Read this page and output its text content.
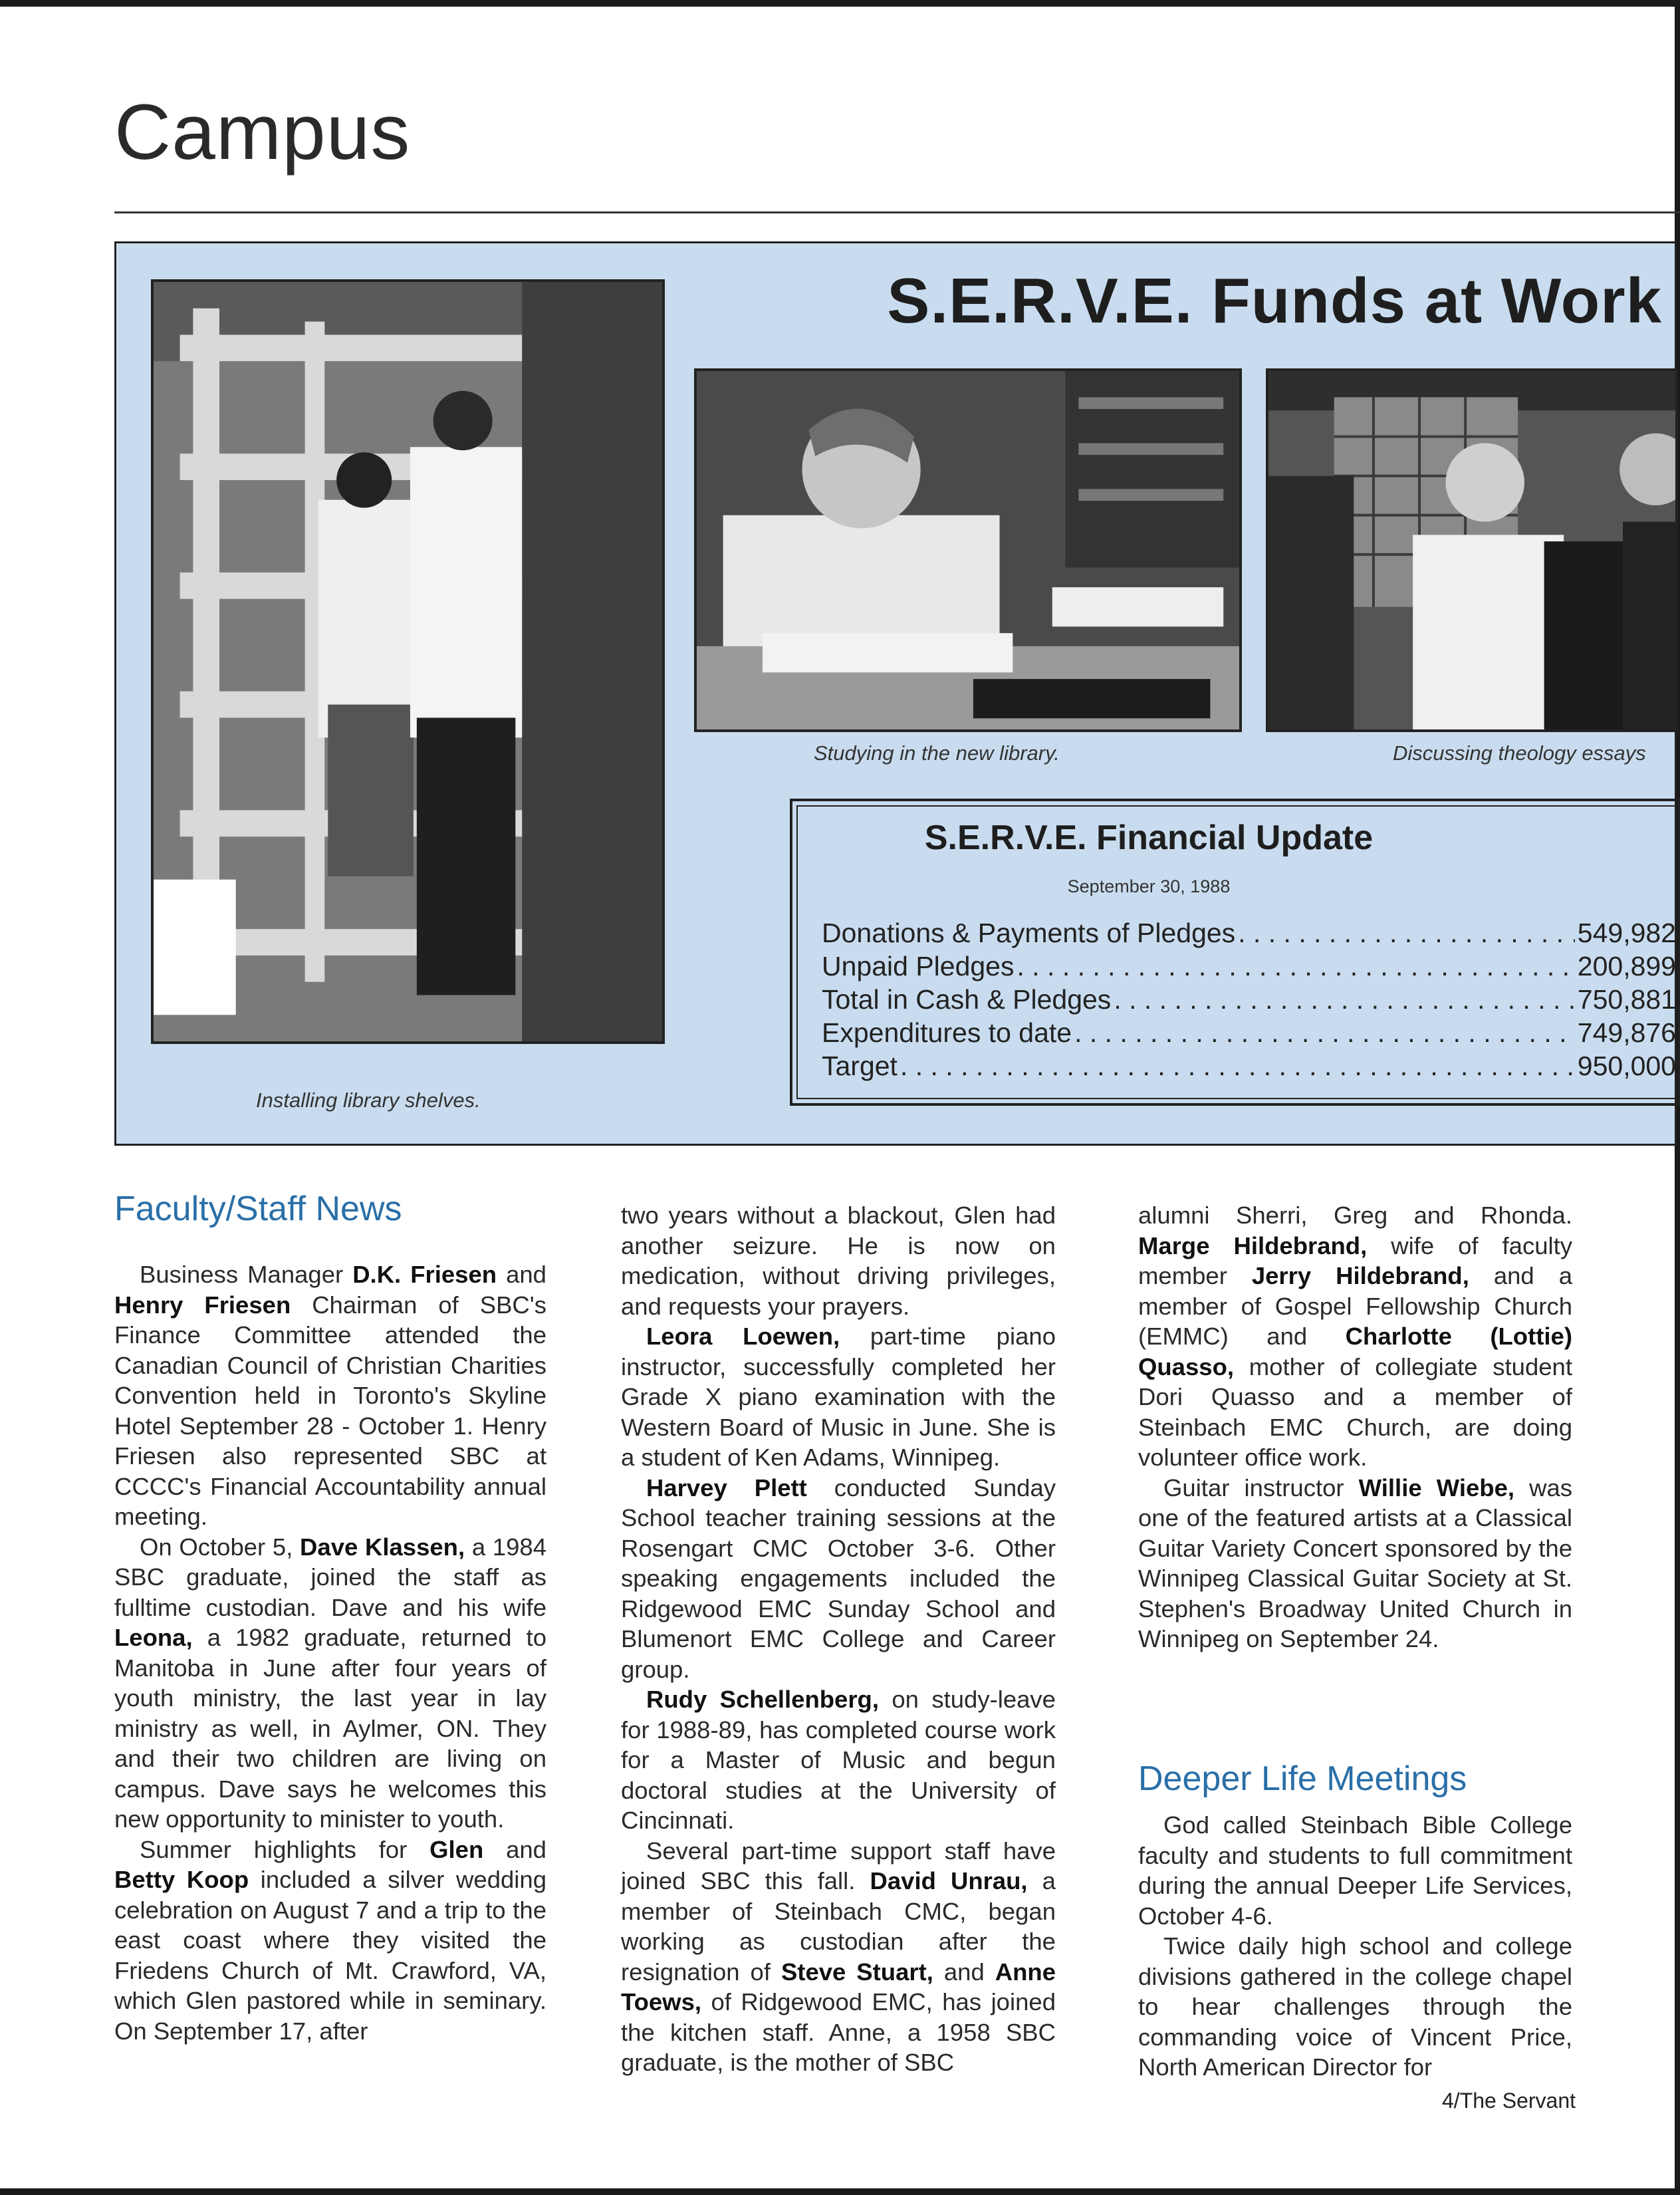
Campus
S.E.R.V.E. Funds at Work
Installing library shelves.
Studying in the new library.	Discussing theology essays
S.E.R.V.E. Financial Update
September 30, 1988
Donations & Payments of Pledges . . .	549,982
Unpaid Pledges . . .	200,899
Total in Cash & Pledges . . .	750,881
Expenditures to date . . .	749,876
Target . . .	950,000
Faculty/Staff News

Business Manager D.K. Friesen and Henry Friesen Chairman of SBC's Finance Committee attended the Canadian Council of Christian Charities Convention held in Toronto's Skyline Hotel September 28 - October 1. Henry Friesen also represented SBC at CCCC's Financial Accountability annual meeting.

On October 5, Dave Klassen, a 1984 SBC graduate, joined the staff as fulltime custodian. Dave and his wife Leona, a 1982 graduate, returned to Manitoba in June after four years of youth ministry, the last year in lay ministry as well, in Aylmer, ON. They and their two children are living on campus. Dave says he welcomes this new opportunity to minister to youth.

Summer highlights for Glen and Betty Koop included a silver wedding celebration on August 7 and a trip to the east coast where they visited the Friedens Church of Mt. Crawford, VA, which Glen pastored while in seminary. On September 17, after

two years without a blackout, Glen had another seizure. He is now on medication, without driving privileges, and requests your prayers.

Leora Loewen, part-time piano instructor, successfully completed her Grade X piano examination with the Western Board of Music in June. She is a student of Ken Adams, Winnipeg.

Harvey Plett conducted Sunday School teacher training sessions at the Rosengart CMC October 3-6. Other speaking engagements included the Ridgewood EMC Sunday School and Blumenort EMC College and Career group.

Rudy Schellenberg, on study-leave for 1988-89, has completed course work for a Master of Music and begun doctoral studies at the University of Cincinnati.

Several part-time support staff have joined SBC this fall. David Unrau, a member of Steinbach CMC, began working as custodian after the resignation of Steve Stuart, and Anne Toews, of Ridgewood EMC, has joined the kitchen staff. Anne, a 1958 SBC graduate, is the mother of SBC

alumni Sherri, Greg and Rhonda. Marge Hildebrand, wife of faculty member Jerry Hildebrand, and a member of Gospel Fellowship Church (EMMC) and Charlotte (Lottie) Quasso, mother of collegiate student Dori Quasso and a member of Steinbach EMC Church, are doing volunteer office work.

Guitar instructor Willie Wiebe, was one of the featured artists at a Classical Guitar Variety Concert sponsored by the Winnipeg Classical Guitar Society at St. Stephen's Broadway United Church in Winnipeg on September 24.

Deeper Life Meetings

God called Steinbach Bible College faculty and students to full commitment during the annual Deeper Life Services, October 4-6.

Twice daily high school and college divisions gathered in the college chapel to hear challenges through the commanding voice of Vincent Price, North American Director for

4/The Servant
